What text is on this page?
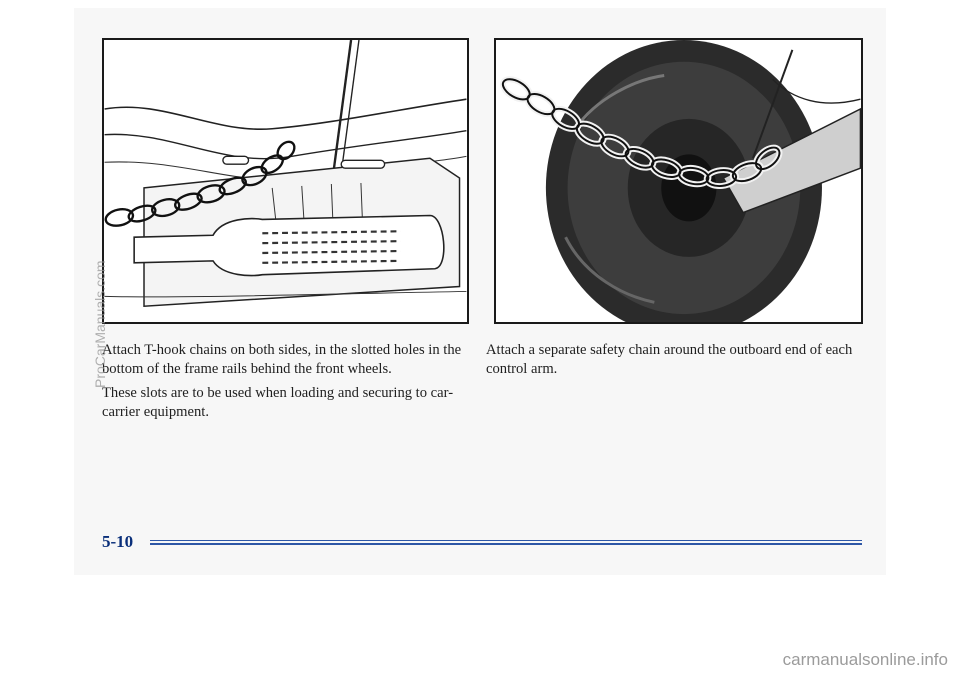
Attach T-hook chains on both sides, in the slotted holes in the bottom of the frame rails behind the front wheels.

These slots are to be used when loading and securing to car-carrier equipment.

Attach a separate safety chain around the outboard end of each control arm.

5-10
ProCarManuals.com
carmanualsonline.info
